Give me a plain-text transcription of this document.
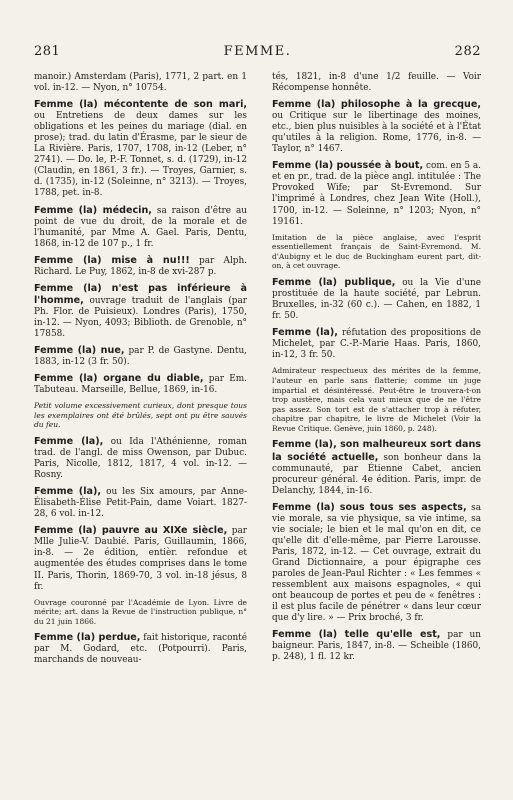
281	FEMME.	282

manoir.) Amsterdam (Paris), 1771, 2 part. en 1 vol. in-12. — Nyon, n° 10754.

Femme (la) mécontente de son mari, ou Entretiens de deux dames sur les obligations et les peines du mariage (dial. en prose); trad. du latin d'Érasme, par le sieur de La Rivière. Paris, 1707, 1708, in-12 (Leber, n° 2741). — Do. le, P.-F. Tonnet, s. d. (1729), in-12 (Claudin, en 1861, 3 fr.). — Troyes, Garnier, s. d. (1735), in-12 (Soleinne, n° 3213). — Troyes, 1788, pet. in-8.

Femme (la) médecin, sa raison d'être au point de vue du droit, de la morale et de l'humanité, par Mme A. Gael. Paris, Dentu, 1868, in-12 de 107 p., 1 fr.

Femme (la) mise à nu!!! par Alph. Richard. Le Puy, 1862, in-8 de xvi-287 p.

Femme (la) n'est pas inférieure à l'homme, ouvrage traduit de l'anglais (par Ph. Flor. de Puisieux). Londres (Paris), 1750, in-12. — Nyon, 4093; Biblioth. de Grenoble, n° 17858.

Femme (la) nue, par P. de Gastyne. Dentu, 1883, in-12 (3 fr. 50).

Femme (la) organe du diable, par Em. Tabuteau. Marseille, Bellue, 1869, in-16.

Petit volume excessivement curieux, dont presque tous les exemplaires ont été brûlés, sept ont pu être sauvés du feu.

Femme (la), ou Ida l'Athénienne, roman trad. de l'angl. de miss Owenson, par Dubuc. Paris, Nicolle, 1812, 1817, 4 vol. in-12. — Rosny.

Femme (la), ou les Six amours, par Anne-Élisabeth-Élise Petit-Pain, dame Voiart. 1827-28, 6 vol. in-12.

Femme (la) pauvre au XIXe siècle, par Mlle Julie-V. Daubié. Paris, Guillaumin, 1866, in-8. — 2e édition, entièr. refondue et augmentée des études comprises dans le tome II. Paris, Thorin, 1869-70, 3 vol. in-18 jésus, 8 fr.

Ouvrage couronné par l'Académie de Lyon. Livre de mérite; art. dans la Revue de l'instruction publique, n° du 21 juin 1866.

Femme (la) perdue, fait historique, raconté par M. Godard, etc. (Potpourri). Paris, marchands de nouveau-

tés, 1821, in-8 d'une 1/2 feuille. — Voir Récompense honnête.

Femme (la) philosophe à la grecque, ou Critique sur le libertinage des moines, etc., bien plus nuisibles à la société et à l'État qu'utiles à la religion. Rome, 1776, in-8. — Taylor, n° 1467.

Femme (la) poussée à bout, com. en 5 a. et en pr., trad. de la pièce angl. intitulée : The Provoked Wife; par St-Evremond. Sur l'imprimé à Londres, chez Jean Wite (Holl.), 1700, in-12. — Soleinne, n° 1203; Nyon, n° 19161.

Imitation de la pièce anglaise, avec l'esprit essentiellement français de Saint-Evremond. M. d'Aubigny et le duc de Buckingham eurent part, dit-on, à cet ouvrage.

Femme (la) publique, ou la Vie d'une prostituée de la haute société, par Lebrun. Bruxelles, in-32 (60 c.). — Cahen, en 1882, 1 fr. 50.

Femme (la), réfutation des propositions de Michelet, par C.-P.-Marie Haas. Paris, 1860, in-12, 3 fr. 50.

Admirateur respectueux des mérites de la femme, l'auteur en parle sans flatterie; comme un juge impartial et désintéressé. Peut-être le trouvera-t-on trop austère, mais cela vaut mieux que de ne l'être pas assez. Son tort est de s'attacher trop à réfuter, chapitre par chapitre, le livre de Michelet (Voir la Revue Critique. Genève, juin 1860, p. 248).

Femme (la), son malheureux sort dans la société actuelle, son bonheur dans la communauté, par Étienne Cabet, ancien procureur général. 4e édition. Paris, impr. de Delanchy, 1844, in-16.

Femme (la) sous tous ses aspects, sa vie morale, sa vie physique, sa vie intime, sa vie sociale; le bien et le mal qu'on en dit, ce qu'elle dit d'elle-même, par Pierre Larousse. Paris, 1872, in-12. — Cet ouvrage, extrait du Grand Dictionnaire, a pour épigraphe ces paroles de Jean-Paul Richter : « Les femmes « ressemblent aux maisons espagnoles, « qui ont beaucoup de portes et peu de « fenêtres : il est plus facile de pénétrer « dans leur cœur que d'y lire. » — Prix broché, 3 fr.

Femme (la) telle qu'elle est, par un baigneur. Paris, 1847, in-8. — Scheible (1860, p. 248), 1 fl. 12 kr.
